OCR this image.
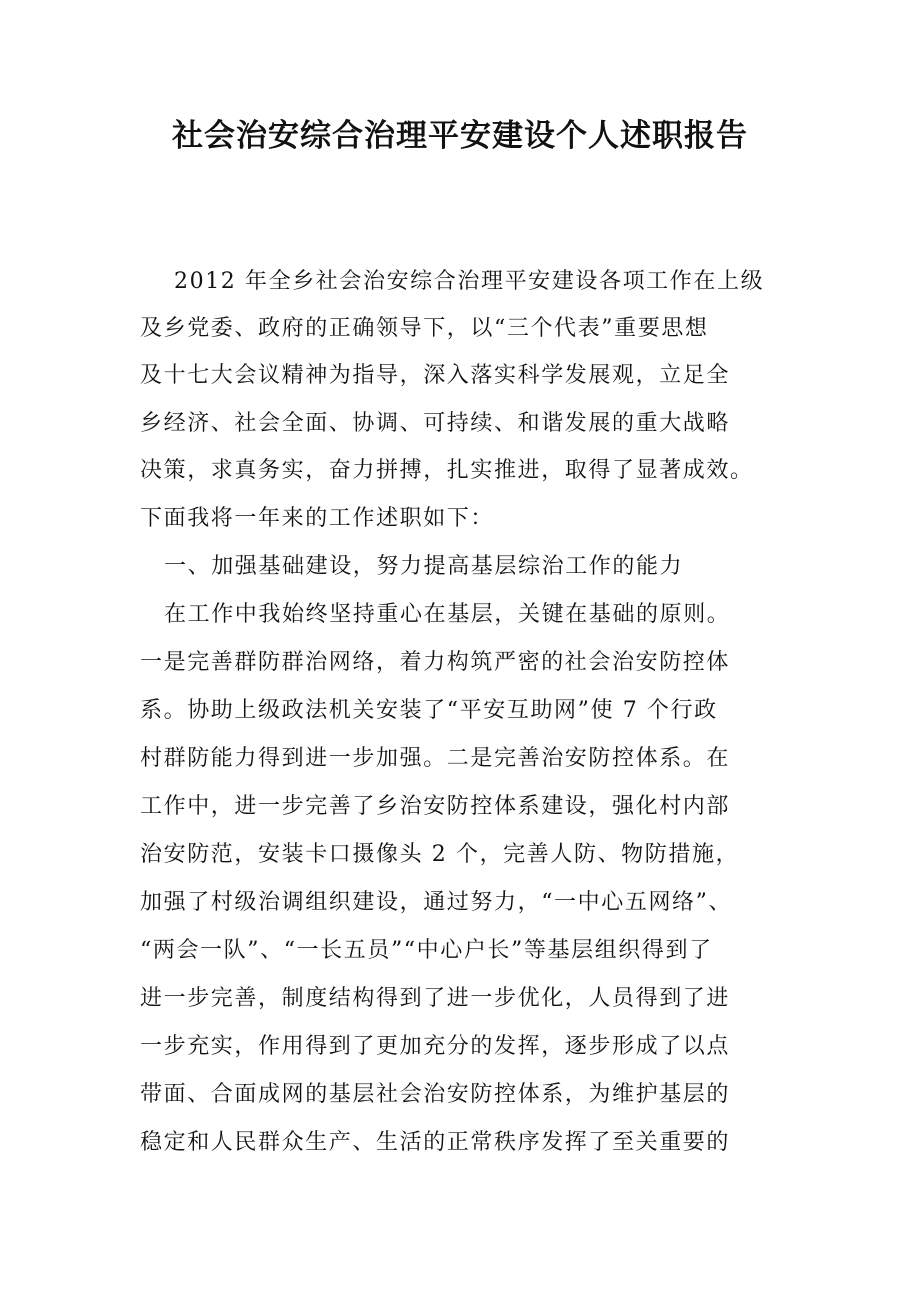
社会治安综合治理平安建设个人述职报告
2012 年全乡社会治安综合治理平安建设各项工作在上级
及乡党委、政府的正确领导下，以“三个代表”重要思想
及十七大会议精神为指导，深入落实科学发展观，立足全
乡经济、社会全面、协调、可持续、和谐发展的重大战略
决策，求真务实，奋力拼搏，扎实推进，取得了显著成效。
下面我将一年来的工作述职如下：
一、加强基础建设，努力提高基层综治工作的能力
在工作中我始终坚持重心在基层，关键在基础的原则。
一是完善群防群治网络，着力构筑严密的社会治安防控体
系。协助上级政法机关安装了“平安互助网”使 7 个行政
村群防能力得到进一步加强。二是完善治安防控体系。在
工作中，进一步完善了乡治安防控体系建设，强化村内部
治安防范，安装卡口摄像头 2 个，完善人防、物防措施，
加强了村级治调组织建设，通过努力，“一中心五网络”、
“两会一队”、“一长五员”“中心户长”等基层组织得到了
进一步完善，制度结构得到了进一步优化，人员得到了进
一步充实，作用得到了更加充分的发挥，逐步形成了以点
带面、合面成网的基层社会治安防控体系，为维护基层的
稳定和人民群众生产、生活的正常秩序发挥了至关重要的
